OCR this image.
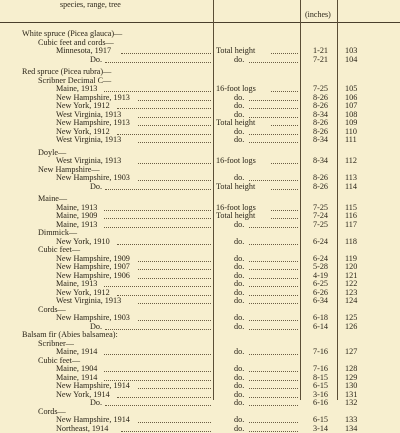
species, range, tree
(inches)
White spruce (Picea glauca)—
Cubic feet and cords—
Minnesota, 1917	Total height	1-21 103
Do.	do.	7-21 104
Red spruce (Picea rubra)—
Scribner Decimal C—
Maine, 1913	16-foot logs	7-25 105
New Hampshire, 1913	do.	8-26 106
New York, 1912	do.	8-26 107
West Virginia, 1913	do.	8-34 108
New Hampshire, 1913	Total height	8-26 109
New York, 1912	do.	8-26 110
West Virginia, 1913	do.	8-34 111
Doyle—
West Virginia, 1913	16-foot logs	8-34 112
New Hampshire—
New Hampshire, 1903	do.	8-26 113
Do.	Total height	8-26 114
Maine—
Maine, 1913	16-foot logs	7-25 115
Maine, 1909	Total height	7-24 116
Maine, 1913	do.	7-25 117
Dimmick—
New York, 1910	do.	6-24 118
Cubic feet—
New Hampshire, 1909	do.	6-24 119
New Hampshire, 1907	do.	5-28 120
New Hampshire, 1906	do.	4-19 121
Maine, 1913	do.	6-25 122
New York, 1912	do.	6-26 123
West Virginia, 1913	do.	6-34 124
Cords—
New Hampshire, 1903	do.	6-18 125
Do.	do.	6-14 126
Balsam fir (Abies balsamea):
Scribner—
Maine, 1914	do.	7-16 127
Cubic feet—
Maine, 1904	do.	7-16 128
Maine, 1914	do.	8-15 129
New Hampshire, 1914	do.	6-15 130
New York, 1914	do.	3-16 131
Do.	do.	6-16 132
Cords—
New Hampshire, 1914	do.	6-15 133
Northeast, 1914	do.	3-14 134
